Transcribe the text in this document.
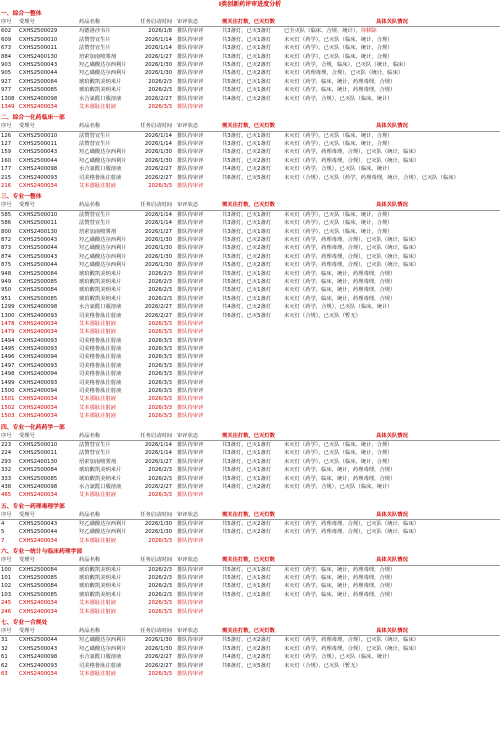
I类创新药评审进度分析
一、综合一整体
序号	受理号	药品名称	任务启动时间 审评状态	需关注打数，已灭灯数	具体关队情况
602	CXHS2500029	玛德洛沙韦片	2026/1/8 排队待审评	共3盏灯，已灭3盏灯	已全灭队（临床、合规、统计），待移除
609	CXHS2500010	法赞替宜生片	2026/1/14 排队待审评	共3盏灯，已灭1盏灯	未灭灯（药学），已灭队（临床，统计，合规）
673	CXHS2500011	法赞替宜生片	2026/1/14 排队待审评	共3盏灯，已灭1盏灯	未灭灯（药学），已灭队（临床，统计，合规）
884	CXHS2400130	培索加南喷雾剂	2026/1/27 排队待审评	共3盏灯，已灭1盏灯	未灭灯（药学），已灭队（临床，统计，合规）
903	CXHS2500043	羟乙磺酸达尔西利片	2026/1/30 排队待审评	共5盏灯，已灭2盏灯	未灭灯（药学，合规，临床），已灭队（统计，临床）
905	CXHS2500044	羟乙磺酸达尔西利片	2026/1/30 排队待审评	共5盏灯，已灭2盏灯	未灭灯（药理毒理，合规），已灭队（统计，临床）
927	CXHS2500084	琥珀酸凯美纳米片	2026/2/3 排队待审评	共5盏灯，已灭1盏灯	未灭灯（药学，临床，统计，药理毒理，合规）
977	CXHS2500085	琥珀酸凯美纳米片	2026/2/3 排队待审评	共5盏灯，已灭1盏灯	未灭灯（药学，临床，统计，药理毒理，合规）
1308 CXHS2400098	水合氯醛口服溶液	2026/2/27 排队待审评	共4盏灯，已灭2盏灯	未灭灯（药学，合规），已灭队（临床，统计）
1349 CXHS2400034	艾本那肽注射液	2026/3/3 排队待审评
二、综合一化药临床一部
序号	受理号	药品名称	任务启动时间 审评状态	需关注打数，已灭灯数	具体关队情况
126	CXHS2500010	法赞替宜生片	2026/1/14 排队待审评	共3盏灯，已灭1盏灯	未灭灯（药学），已灭队（临床，统计，合规）
127	CXHS2500011	法赞替宜生片	2026/1/14 排队待审评	共3盏灯，已灭1盏灯	未灭灯（药学），已灭队（临床，统计，合规）
159	CXHS2500043	羟乙磺酸达尔西利片	2026/1/30 排队待审评	共5盏灯，已灭2盏灯	未灭灯（药学，药理毒理，合规），已灭队（统计，临床）
160	CXHS2500044	羟乙磺酸达尔西利片	2026/1/30 排队待审评	共5盏灯，已灭2盏灯	未灭灯（药学，药理毒理，合规），已灭队（统计，临床）
177	CXHS2400098	水合氯醛口服溶液	2026/2/27 排队待审评	共4盏灯，已灭2盏灯	未灭灯（药学，合规），已灭队（临床，统计）
215	CXHS2400093	司美格鲁肽注射液	2026/2/27 排队待审评	共6盏灯，已灭5盏灯	未灭灯（合规），已灭队（药学，药理毒理，统计，合规），已灭队（临床）
216	CXHS2400034	艾本那肽注射液	2026/3/3 排队待审评
三、专业一整体
序号	受理号	药品名称	任务启动时间 审评状态	需关注打数，已灭灯数	具体关队情况
585	CXHS2500010	法赞替宜生片	2026/1/14 排队待审评	共3盏灯，已灭1盏灯	未灭灯（药学），已灭队（临床，统计，合规）
586	CXHS2500011	法赞替宜生片	2026/1/14 排队待审评	共3盏灯，已灭1盏灯	未灭灯（药学），已灭队（临床，统计，合规）
800	CXHS2400130	培索加南喷雾剂	2026/1/27 排队待审评	共3盏灯，已灭1盏灯	未灭灯（药学），已灭队（临床，统计，合规）
872	CXHS2500043	羟乙磺酸达尔西利片	2026/1/30 排队待审评	共5盏灯，已灭2盏灯	未灭灯（药学，药理毒理，合规），已灭队（统计，临床）
873	CXHS2500044	羟乙磺酸达尔西利片	2026/1/30 排队待审评	共5盏灯，已灭2盏灯	未灭灯（药学，药理毒理，合规），已灭队（统计，临床）
874	CXHS2500043	羟乙磺酸达尔西利片	2026/1/30 排队待审评	共5盏灯，已灭2盏灯	未灭灯（药学，药理毒理，合规），已灭队（统计，临床）
875	CXHS2500044	羟乙磺酸达尔西利片	2026/1/30 排队待审评	共5盏灯，已灭2盏灯	未灭灯（药学，药理毒理，合规），已灭队（统计，临床）
948	CXHS2500084	琥珀酸凯美纳米片	2026/2/3 排队待审评	共5盏灯，已灭1盏灯	未灭灯（药学，临床，统计，药理毒理，合规）
949	CXHS2500085	琥珀酸凯美纳米片	2026/2/3 排队待审评	共5盏灯，已灭1盏灯	未灭灯（药学，临床，统计，药理毒理，合规）
950	CXHS2500084	琥珀酸凯美纳米片	2026/2/3 排队待审评	共5盏灯，已灭1盏灯	未灭灯（药学，临床，统计，药理毒理，合规）
951	CXHS2500085	琥珀酸凯美纳米片	2026/2/3 排队待审评	共5盏灯，已灭1盏灯	未灭灯（药学，临床，统计，药理毒理，合规）
1299 CXHS2400098	水合氯醛口服溶液	2026/2/27 排队待审评	共4盏灯，已灭2盏灯	未灭灯（药学，合规），已灭队（临床，统计）
1300 CXHS2400093	司美格鲁肽注射液	2026/2/27 排队待审评	共6盏灯，已灭5盏灯	未灭灯（合规），已灭队（暂无）
1478 CXHS2400034	艾本那肽注射液	2026/3/3 排队待审评
1479 CXHS2400034	艾本那肽注射液	2026/3/3 排队待审评
1494 CXHS2400093	司美格鲁肽注射液	2026/3/3 排队待审评
1495 CXHS2400093	司美格鲁肽注射液	2026/3/3 排队待审评
1496 CXHS2400094	司美格鲁肽注射液	2026/3/3 排队待审评
1497 CXHS2400093	司美格鲁肽注射液	2026/3/3 排队待审评
1498 CXHS2400094	司美格鲁肽注射液	2026/3/3 排队待审评
1499 CXHS2400093	司美格鲁肽注射液	2026/3/3 排队待审评
1500 CXHS2400094	司美格鲁肽注射液	2026/3/3 排队待审评
1501 CXHS2400034	艾本那肽注射液	2026/3/3 排队待审评
1502 CXHS2400034	艾本那肽注射液	2026/3/3 排队待审评
1503 CXHS2400034	艾本那肽注射液	2026/3/3 排队待审评
四、专业一化药药学一部
序号	受理号	药品名称	任务启动时间 审评状态	需关注打数，已灭灯数	具体关队情况
223	CXHS2500010	法赞替宜生片	2026/1/14 排队待审评	共3盏灯，已灭1盏灯	未灭灯（药学），已灭队（临床，统计，合规）
224	CXHS2500011	法赞替宜生片	2026/1/14 排队待审评	共3盏灯，已灭1盏灯	未灭灯（药学），已灭队（临床，统计，合规）
293	CXHS2400130	培索加南喷雾剂	2026/1/27 排队待审评	共3盏灯，已灭1盏灯	未灭灯（药学），已灭队（临床，统计，合规）
332	CXHS2500084	琥珀酸凯美纳米片	2026/2/3 排队待审评	共5盏灯，已灭1盏灯	未灭灯（药学，临床，统计，药理毒理，合规）
333	CXHS2500085	琥珀酸凯美纳米片	2026/2/3 排队待审评	共5盏灯，已灭1盏灯	未灭灯（药学，临床，统计，药理毒理，合规）
438	CXHS2400098	水合氯醛口服溶液	2026/2/27 排队待审评	共4盏灯，已灭2盏灯	未灭灯（药学，合规），已灭队（临床，统计）
465	CXHS2400034	艾本那肽注射液	2026/3/3 排队待审评
五、专业一药理毒理学部
序号	受理号	药品名称	任务启动时间 审评状态	需关注打数，已灭灯数	具体关队情况
4	CXHS2500043	羟乙磺酸达尔西利片	2026/1/30 排队待审评	共5盏灯，已灭2盏灯	未灭灯（药学，药理毒理，合规），已灭队（统计，临床）
5	CXHS2500044	羟乙磺酸达尔西利片	2026/1/30 排队待审评	共5盏灯，已灭2盏灯	未灭灯（药学，药理毒理，合规），已灭队（统计，临床）
7	CXHS2400034	艾本那肽注射液	2026/3/3 排队待审评
六、专业一统计与临床药理学部
序号	受理号	药品名称	任务启动时间 审评状态	需关注打数，已灭灯数	具体关队情况
100	CXHS2500084	琥珀酸凯美纳米片	2026/2/3 排队待审评	共5盏灯，已灭1盏灯	未灭灯（药学，临床，统计，药理毒理，合规）
101	CXHS2500085	琥珀酸凯美纳米片	2026/2/3 排队待审评	共5盏灯，已灭1盏灯	未灭灯（药学，临床，统计，药理毒理，合规）
102	CXHS2500084	琥珀酸凯美纳米片	2026/2/3 排队待审评	共5盏灯，已灭1盏灯	未灭灯（药学，临床，统计，药理毒理，合规）
103	CXHS2500085	琥珀酸凯美纳米片	2026/2/3 排队待审评	共5盏灯，已灭1盏灯	未灭灯（药学，临床，统计，药理毒理，合规）
245	CXHS2400034	艾本那肽注射液	2026/3/3 排队待审评
246	CXHS2400034	艾本那肽注射液	2026/3/3 排队待审评
七、专业一合规处
序号	受理号	药品名称	任务启动时间 审评状态	需关注打数，已灭灯数	具体关队情况
31	CXHS2500044	羟乙磺酸达尔西利片	2026/1/30 排队待审评	共5盏灯，已灭2盏灯	未灭灯（药学，药理毒理，合规），已灭队（统计，临床）
32	CXHS2500043	羟乙磺酸达尔西利片	2026/1/30 排队待审评	共5盏灯，已灭2盏灯	未灭灯（药学，药理毒理，合规），已灭队（统计，临床）
61	CXHS2400098	水合氯醛口服溶液	2026/2/27 排队待审评	共4盏灯，已灭2盏灯	未灭灯（药学，合规），已灭队（临床，统计）
62	CXHS2400093	司美格鲁肽注射液	2026/2/27 排队待审评	共6盏灯，已灭5盏灯	未灭灯（合规），已灭队（暂无）
63	CXHS2400034	艾本那肽注射液	2026/3/3 排队待审评
